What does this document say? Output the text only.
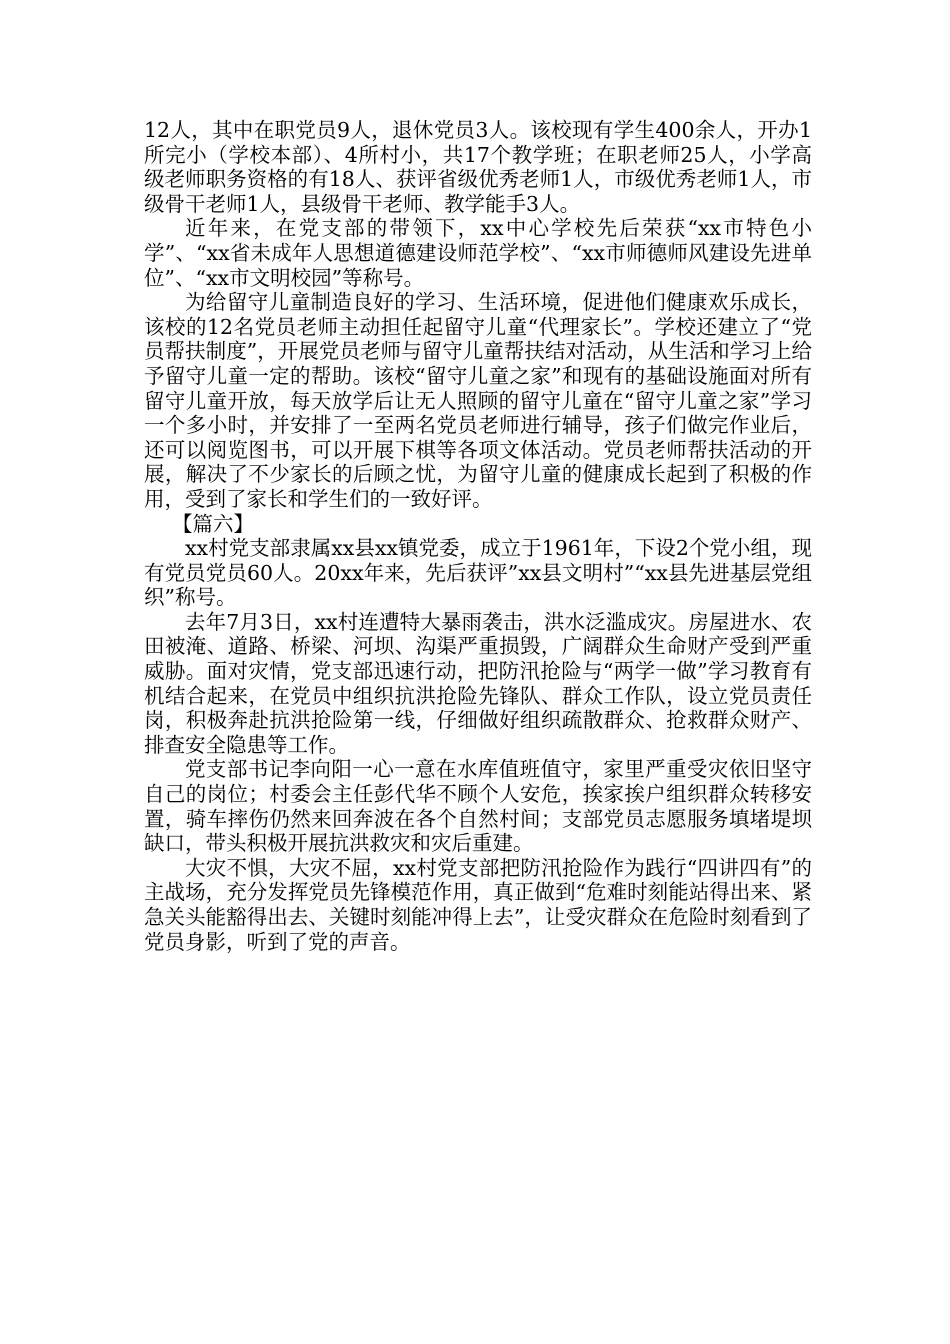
12人，其中在职党员9人，退休党员3人。该校现有学生400余人，开办1所完小（学校本部）、4所村小，共17个教学班；在职老师25人，小学高级老师职务资格的有18人、获评省级优秀老师1人，市级优秀老师1人，市级骨干老师1人，县级骨干老师、教学能手3人。

近年来，在党支部的带领下，xx中心学校先后荣获“xx市特色小学”、“xx省未成年人思想道德建设师范学校”、“xx市师德师风建设先进单位”、“xx市文明校园”等称号。

为给留守儿童制造良好的学习、生活环境，促进他们健康欢乐成长，该校的12名党员老师主动担任起留守儿童“代理家长”。学校还建立了“党员帮扶制度”，开展党员老师与留守儿童帮扶结对活动，从生活和学习上给予留守儿童一定的帮助。该校“留守儿童之家”和现有的基础设施面对所有留守儿童开放，每天放学后让无人照顾的留守儿童在“留守儿童之家”学习一个多小时，并安排了一至两名党员老师进行辅导，孩子们做完作业后，还可以阅览图书，可以开展下棋等各项文体活动。党员老师帮扶活动的开展，解决了不少家长的后顾之忧，为留守儿童的健康成长起到了积极的作用，受到了家长和学生们的一致好评。

【篇六】

xx村党支部隶属xx县xx镇党委，成立于1961年，下设2个党小组，现有党员党员60人。20xx年来，先后获评”xx县文明村”“xx县先进基层党组织”称号。

去年7月3日，xx村连遭特大暴雨袭击，洪水泛滥成灾。房屋进水、农田被淹、道路、桥梁、河坝、沟渠严重损毁，广阔群众生命财产受到严重威胁。面对灾情，党支部迅速行动，把防汛抢险与“两学一做”学习教育有机结合起来，在党员中组织抗洪抢险先锋队、群众工作队，设立党员责任岗，积极奔赴抗洪抢险第一线，仔细做好组织疏散群众、抢救群众财产、排查安全隐患等工作。

党支部书记李向阳一心一意在水库值班值守，家里严重受灾依旧坚守自己的岗位；村委会主任彭代华不顾个人安危，挨家挨户组织群众转移安置，骑车摔伤仍然来回奔波在各个自然村间；支部党员志愿服务填堵堤坝缺口，带头积极开展抗洪救灾和灾后重建。

大灾不惧，大灾不屈，xx村党支部把防汛抢险作为践行“四讲四有”的主战场，充分发挥党员先锋模范作用，真正做到“危难时刻能站得出来、紧急关头能豁得出去、关键时刻能冲得上去”，让受灾群众在危险时刻看到了党员身影，听到了党的声音。
